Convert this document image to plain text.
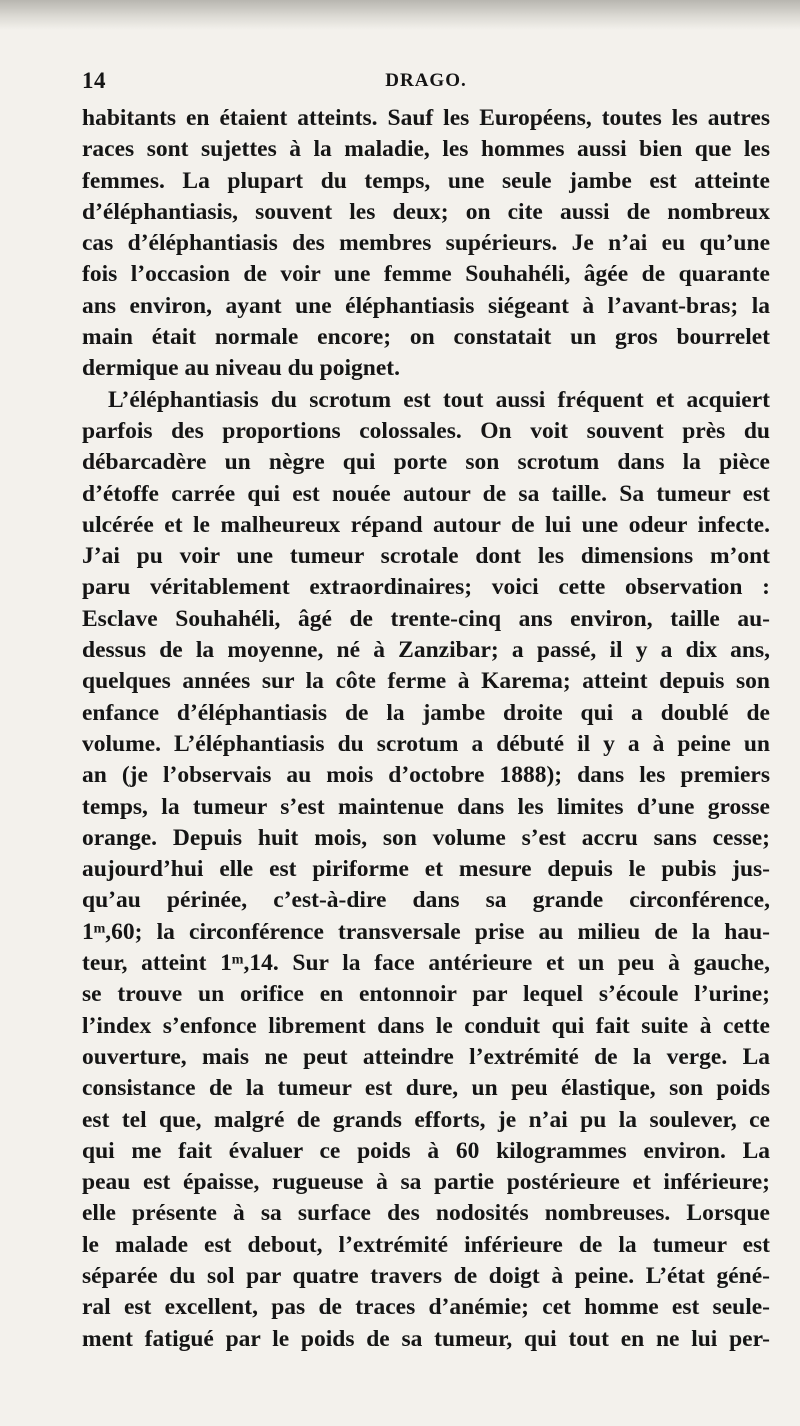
14	DRAGO.
habitants en étaient atteints. Sauf les Européens, toutes les autres
races sont sujettes à la maladie, les hommes aussi bien que les
femmes. La plupart du temps, une seule jambe est atteinte
d’éléphantiasis, souvent les deux; on cite aussi de nombreux
cas d’éléphantiasis des membres supérieurs. Je n’ai eu qu’une
fois l’occasion de voir une femme Souhahéli, âgée de quarante
ans environ, ayant une éléphantiasis siégeant à l’avant-bras; la
main était normale encore; on constatait un gros bourrelet
dermique au niveau du poignet.
L’éléphantiasis du scrotum est tout aussi fréquent et acquiert
parfois des proportions colossales. On voit souvent près du
débarcadère un nègre qui porte son scrotum dans la pièce
d’étoffe carrée qui est nouée autour de sa taille. Sa tumeur est
ulcérée et le malheureux répand autour de lui une odeur infecte.
J’ai pu voir une tumeur scrotale dont les dimensions m’ont
paru véritablement extraordinaires; voici cette observation :
Esclave Souhahéli, âgé de trente-cinq ans environ, taille au-
dessus de la moyenne, né à Zanzibar; a passé, il y a dix ans,
quelques années sur la côte ferme à Karema; atteint depuis son
enfance d’éléphantiasis de la jambe droite qui a doublé de
volume. L’éléphantiasis du scrotum a débuté il y a à peine un
an (je l’observais au mois d’octobre 1888); dans les premiers
temps, la tumeur s’est maintenue dans les limites d’une grosse
orange. Depuis huit mois, son volume s’est accru sans cesse;
aujourd’hui elle est piriforme et mesure depuis le pubis jus-
qu’au périnée, c’est-à-dire dans sa grande circonférence,
1ᵐ,60; la circonférence transversale prise au milieu de la hau-
teur, atteint 1ᵐ,14. Sur la face antérieure et un peu à gauche,
se trouve un orifice en entonnoir par lequel s’écoule l’urine;
l’index s’enfonce librement dans le conduit qui fait suite à cette
ouverture, mais ne peut atteindre l’extrémité de la verge. La
consistance de la tumeur est dure, un peu élastique, son poids
est tel que, malgré de grands efforts, je n’ai pu la soulever, ce
qui me fait évaluer ce poids à 60 kilogrammes environ. La
peau est épaisse, rugueuse à sa partie postérieure et inférieure;
elle présente à sa surface des nodosités nombreuses. Lorsque
le malade est debout, l’extrémité inférieure de la tumeur est
séparée du sol par quatre travers de doigt à peine. L’état géné-
ral est excellent, pas de traces d’anémie; cet homme est seule-
ment fatigué par le poids de sa tumeur, qui tout en ne lui per-
